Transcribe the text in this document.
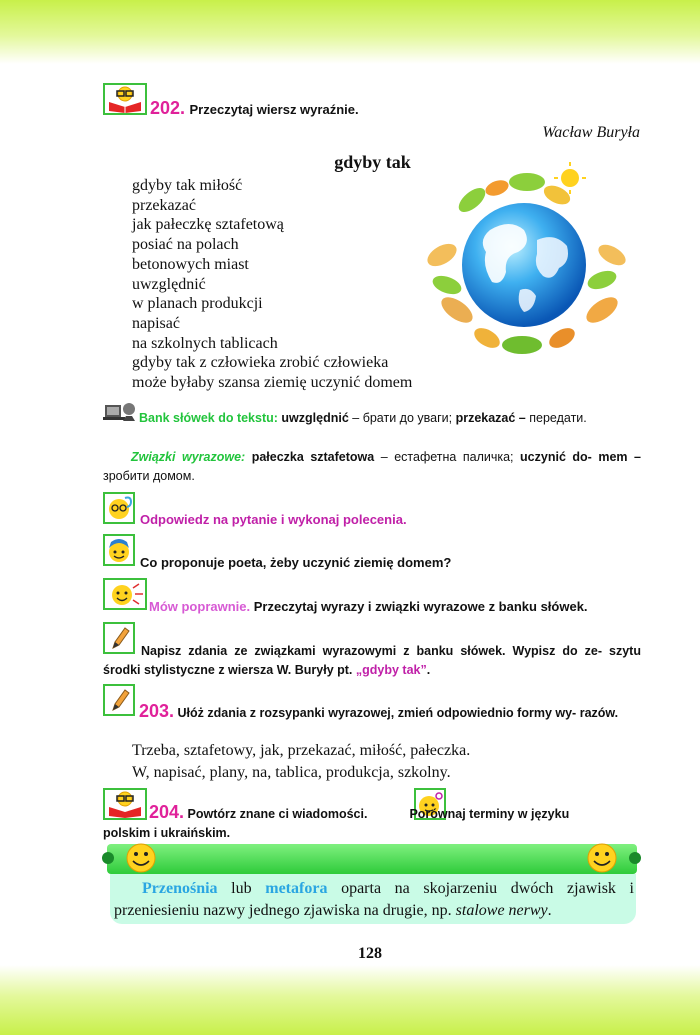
202. Przeczytaj wiersz wyraźnie.
Wacław Buryła
gdyby tak
gdyby tak miłość
przekazać
jak pałeczkę sztafetową
posiać na polach
betonowych miast
uwzględnić
w planach produkcji
napisać
na szkolnych tablicach
gdyby tak z człowieka zrobić człowieka
może byłaby szansa ziemię uczynić domem
Bank słówek do tekstu: uwzględnić – брати до уваги; przekazać – передати.
Związki wyrazowe: pałeczka sztafetowa – естафетна паличка; uczynić do- mem – зробити домом.
Odpowiedz na pytanie i wykonaj polecenia.
Co proponuje poeta, żeby uczynić ziemię domem?
Mów poprawnie. Przeczytaj wyrazy i związki wyrazowe z banku słówek.
Napisz zdania ze związkami wyrazowymi z banku słówek. Wypisz do ze- szytu środki stylistyczne z wiersza W. Buryły pt. „gdyby tak”.
203. Ułóż zdania z rozsypanki wyrazowej, zmień odpowiednio formy wy- razów.
Trzeba, sztafetowy, jak, przekazać, miłość, pałeczka.
W, napisać, plany, na, tablica, produkcja, szkolny.
204. Powtórz znane ci wiadomości.	Porównaj terminy w języku
polskim i ukraińskim.
Przenośnia lub metafora oparta na skojarzeniu dwóch zjawisk i przeniesieniu nazwy jednego zjawiska na drugie, np. stalowe nerwy.
128
